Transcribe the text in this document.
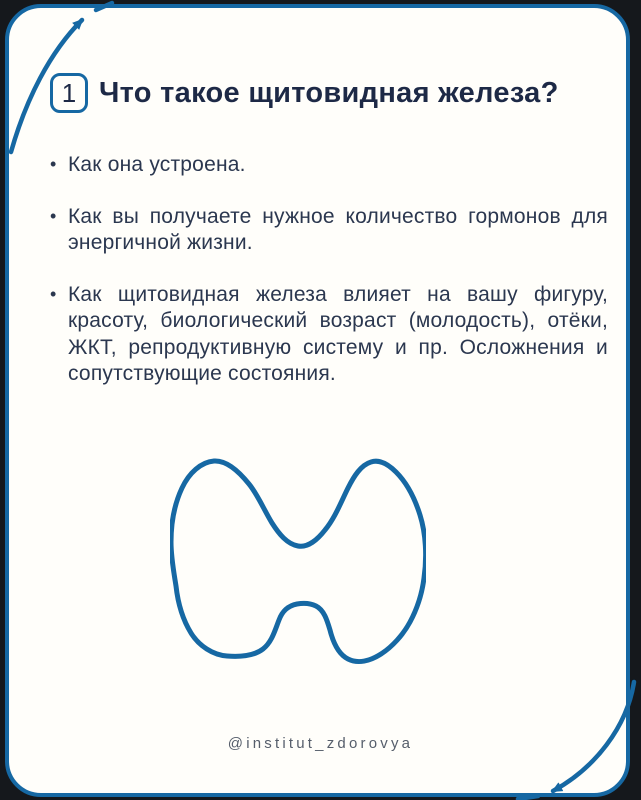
1 Что такое щитовидная железа?
• Как она устроена.
• Как вы получаете нужное количество гормонов для энергичной жизни.
• Как щитовидная железа влияет на вашу фигуру, красоту, биологический возраст (молодость), отёки, ЖКТ, репродуктивную систему и пр. Осложнения и сопутствующие состояния.
@institut_zdorovya
